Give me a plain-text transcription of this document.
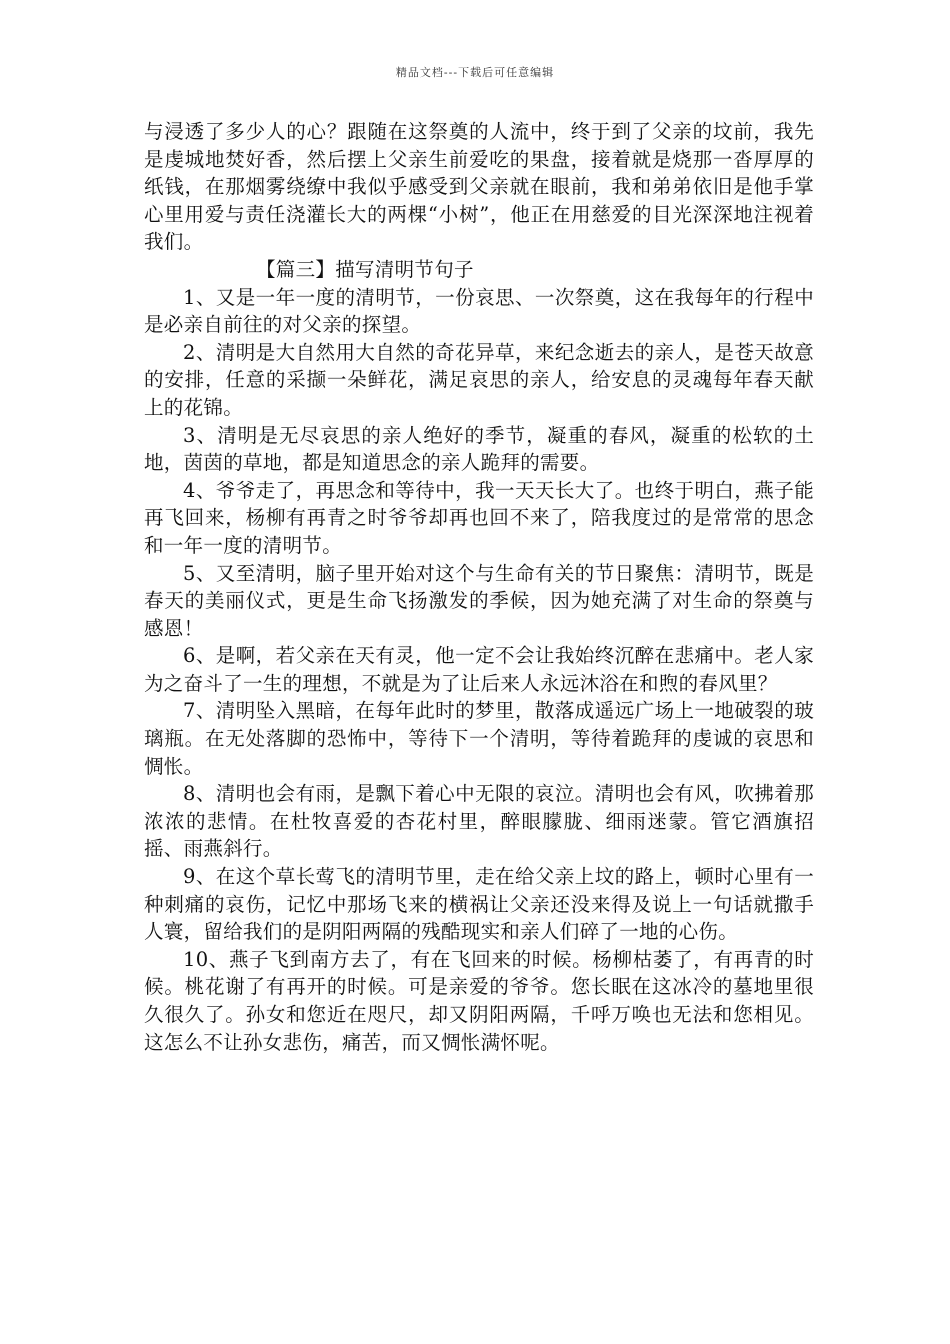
精品文档---下载后可任意编辑

与浸透了多少人的心？跟随在这祭奠的人流中，终于到了父亲的坟前，我先是虔城地焚好香，然后摆上父亲生前爱吃的果盘，接着就是烧那一沓厚厚的纸钱，在那烟雾绕缭中我似乎感受到父亲就在眼前，我和弟弟依旧是他手掌心里用爱与责任浇灌长大的两棵“小树”，他正在用慈爱的目光深深地注视着我们。

【篇三】描写清明节句子

1、又是一年一度的清明节，一份哀思、一次祭奠，这在我每年的行程中是必亲自前往的对父亲的探望。

2、清明是大自然用大自然的奇花异草，来纪念逝去的亲人，是苍天故意的安排，任意的采撷一朵鲜花，满足哀思的亲人，给安息的灵魂每年春天献上的花锦。

3、清明是无尽哀思的亲人绝好的季节，凝重的春风，凝重的松软的土地，茵茵的草地，都是知道思念的亲人跪拜的需要。

4、爷爷走了，再思念和等待中，我一天天长大了。也终于明白，燕子能再飞回来，杨柳有再青之时爷爷却再也回不来了，陪我度过的是常常的思念和一年一度的清明节。

5、又至清明，脑子里开始对这个与生命有关的节日聚焦：清明节，既是春天的美丽仪式，更是生命飞扬激发的季候，因为她充满了对生命的祭奠与感恩！

6、是啊，若父亲在天有灵，他一定不会让我始终沉醉在悲痛中。老人家为之奋斗了一生的理想，不就是为了让后来人永远沐浴在和煦的春风里？

7、清明坠入黑暗，在每年此时的梦里，散落成遥远广场上一地破裂的玻璃瓶。在无处落脚的恐怖中，等待下一个清明，等待着跪拜的虔诚的哀思和惆怅。

8、清明也会有雨，是飘下着心中无限的哀泣。清明也会有风，吹拂着那浓浓的悲情。在杜牧喜爱的杏花村里，醉眼朦胧、细雨迷蒙。管它酒旗招摇、雨燕斜行。

9、在这个草长莺飞的清明节里，走在给父亲上坟的路上，顿时心里有一种刺痛的哀伤，记忆中那场飞来的横祸让父亲还没来得及说上一句话就撒手人寰，留给我们的是阴阳两隔的残酷现实和亲人们碎了一地的心伤。

10、燕子飞到南方去了，有在飞回来的时候。杨柳枯萎了，有再青的时候。桃花谢了有再开的时候。可是亲爱的爷爷。您长眠在这冰冷的墓地里很久很久了。孙女和您近在咫尺，却又阴阳两隔，千呼万唤也无法和您相见。这怎么不让孙女悲伤，痛苦，而又惆怅满怀呢。
